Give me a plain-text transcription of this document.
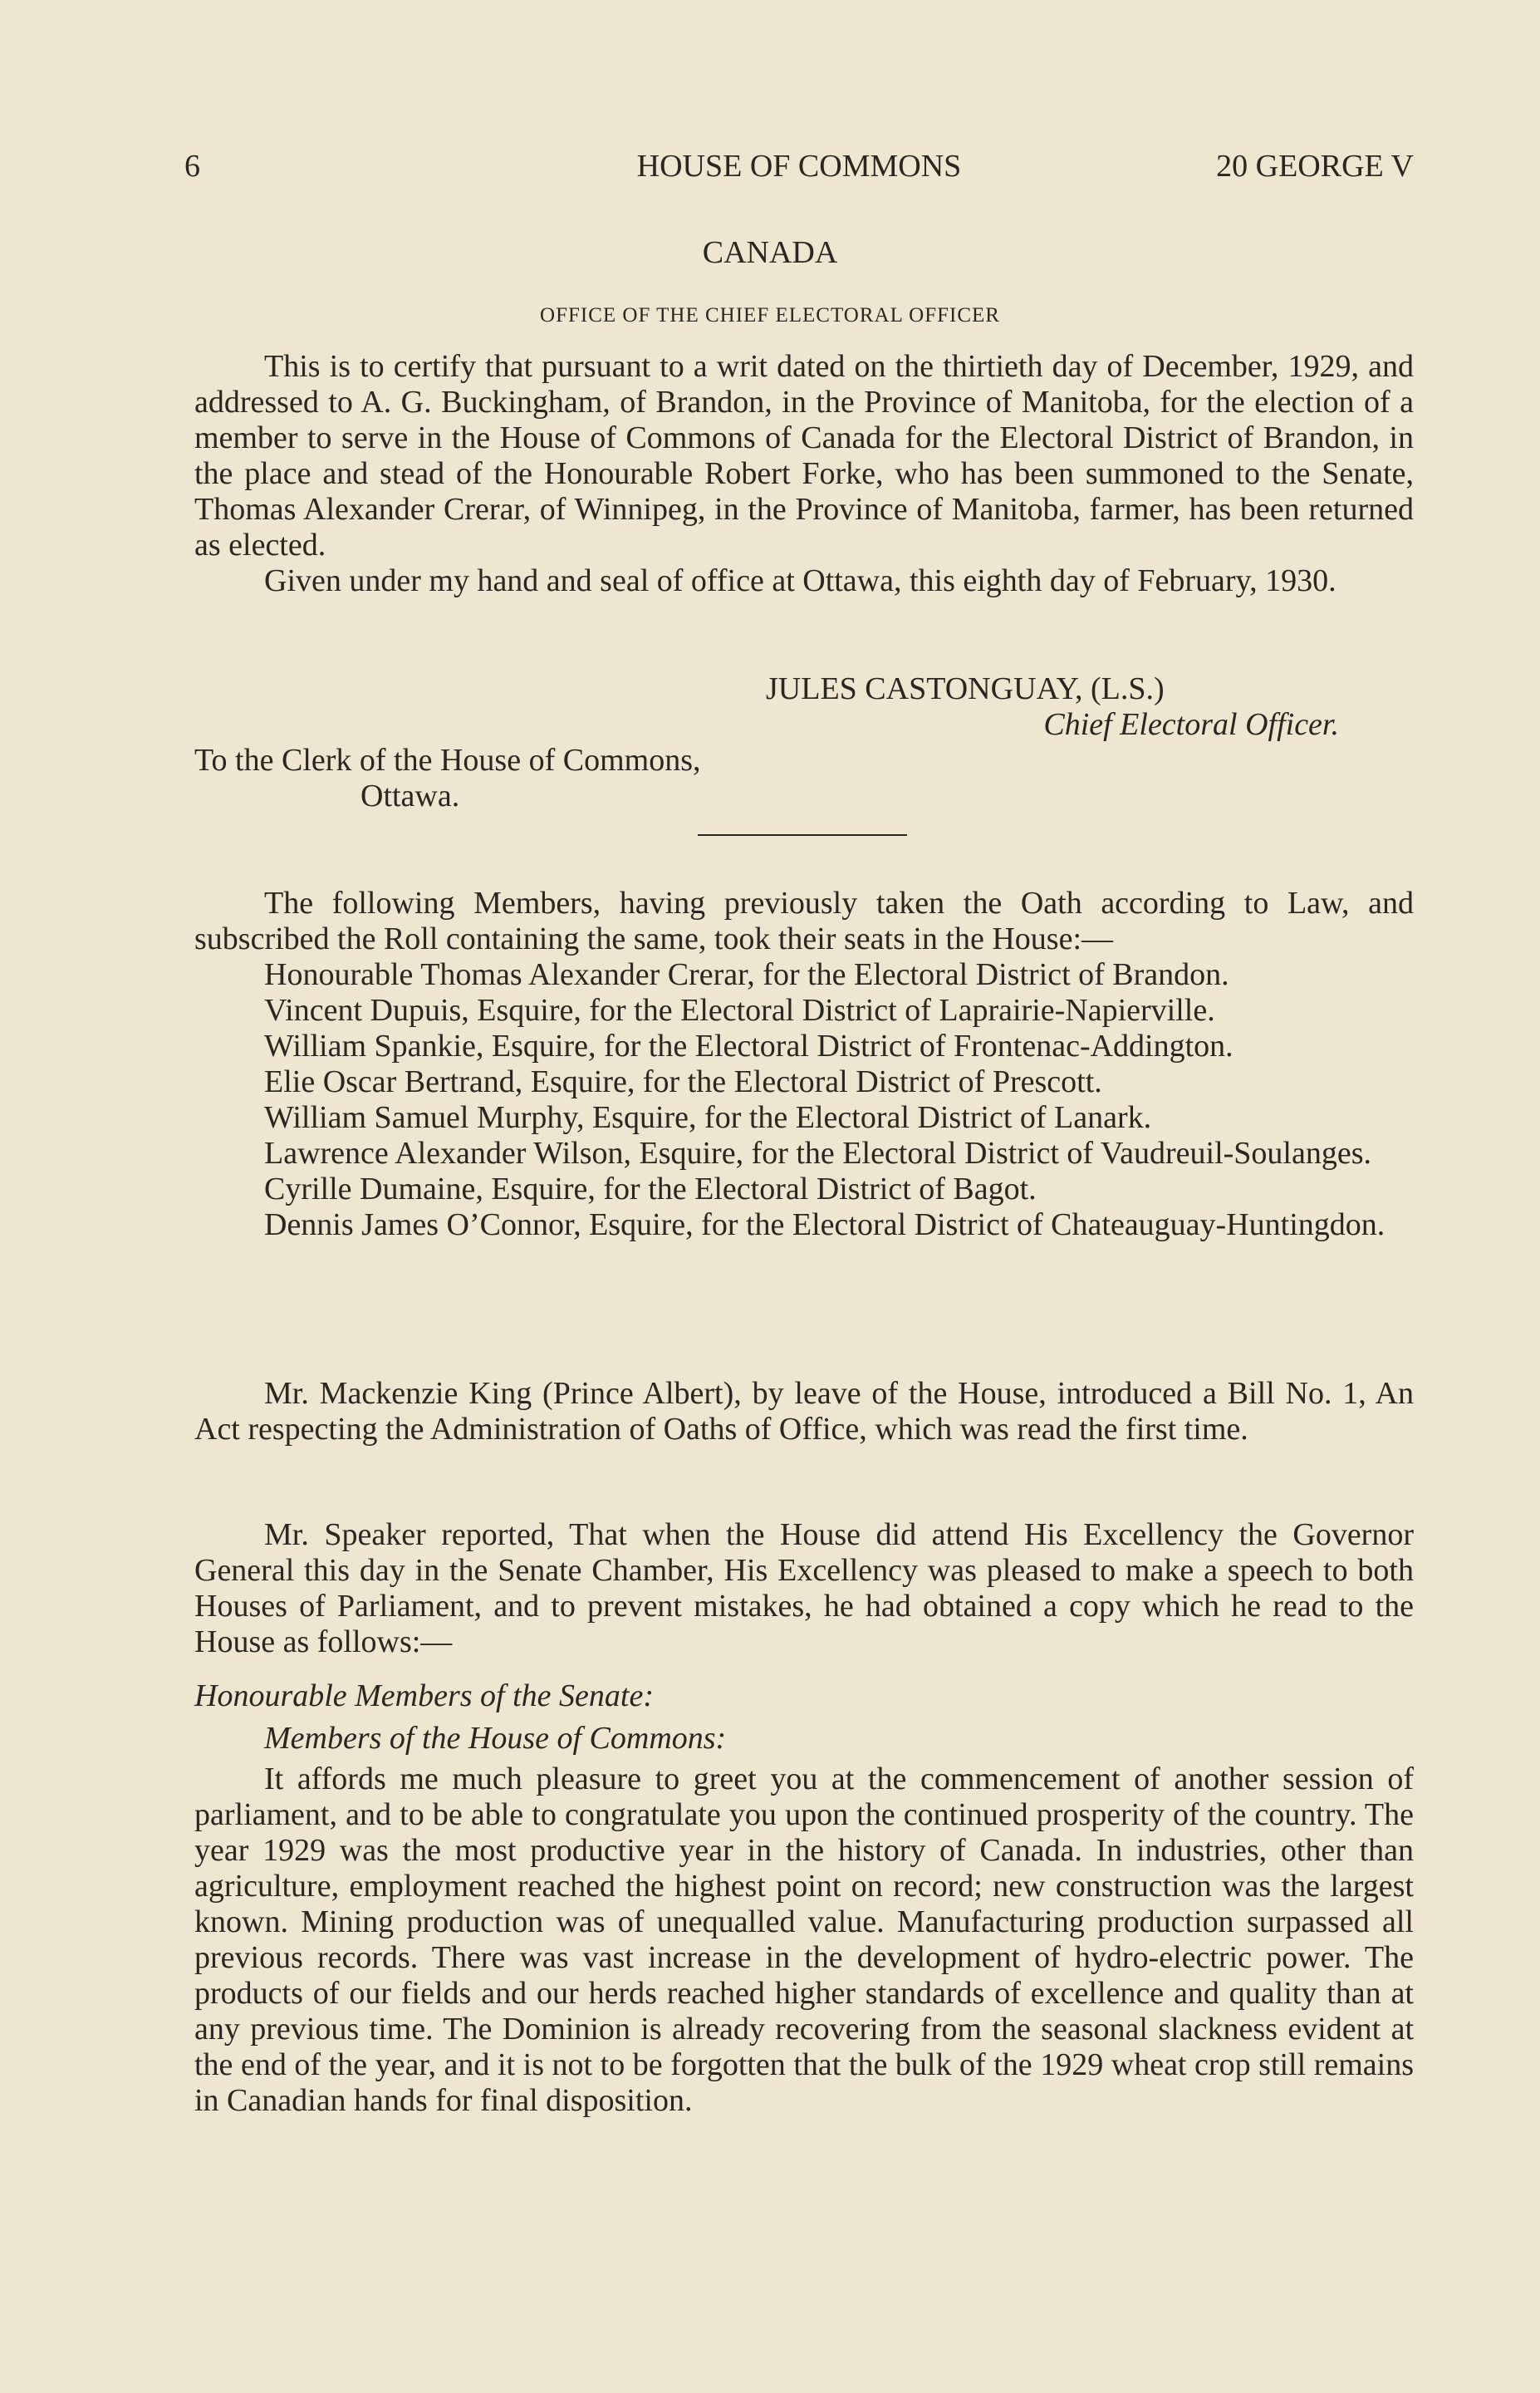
6	HOUSE OF COMMONS	20 GEORGE V
CANADA
OFFICE OF THE CHIEF ELECTORAL OFFICER

This is to certify that pursuant to a writ dated on the thirtieth day of December, 1929, and addressed to A. G. Buckingham, of Brandon, in the Province of Manitoba, for the election of a member to serve in the House of Commons of Canada for the Electoral District of Brandon, in the place and stead of the Honourable Robert Forke, who has been summoned to the Senate, Thomas Alexander Crerar, of Winnipeg, in the Province of Manitoba, farmer, has been returned as elected.

Given under my hand and seal of office at Ottawa, this eighth day of February, 1930.

JULES CASTONGUAY, (L.S.)
Chief Electoral Officer.

To the Clerk of the House of Commons,

Ottawa.

The following Members, having previously taken the Oath according to Law, and subscribed the Roll containing the same, took their seats in the House:—

Honourable Thomas Alexander Crerar, for the Electoral District of Brandon.

Vincent Dupuis, Esquire, for the Electoral District of Laprairie-Napierville.

William Spankie, Esquire, for the Electoral District of Frontenac-Addington.

Elie Oscar Bertrand, Esquire, for the Electoral District of Prescott.

William Samuel Murphy, Esquire, for the Electoral District of Lanark.

Lawrence Alexander Wilson, Esquire, for the Electoral District of Vaudreuil-Soulanges.

Cyrille Dumaine, Esquire, for the Electoral District of Bagot.

Dennis James O’Connor, Esquire, for the Electoral District of Chateauguay-Huntingdon.

Mr. Mackenzie King (Prince Albert), by leave of the House, introduced a Bill No. 1, An Act respecting the Administration of Oaths of Office, which was read the first time.

Mr. Speaker reported, That when the House did attend His Excellency the Governor General this day in the Senate Chamber, His Excellency was pleased to make a speech to both Houses of Parliament, and to prevent mistakes, he had obtained a copy which he read to the House as follows:—

Honourable Members of the Senate:

Members of the House of Commons:

It affords me much pleasure to greet you at the commencement of another session of parliament, and to be able to congratulate you upon the continued prosperity of the country. The year 1929 was the most productive year in the history of Canada. In industries, other than agriculture, employment reached the highest point on record; new construction was the largest known. Mining production was of unequalled value. Manufacturing production surpassed all previous records. There was vast increase in the development of hydro-electric power. The products of our fields and our herds reached higher standards of excellence and quality than at any previous time. The Dominion is already recovering from the seasonal slackness evident at the end of the year, and it is not to be forgotten that the bulk of the 1929 wheat crop still remains in Canadian hands for final disposition.
